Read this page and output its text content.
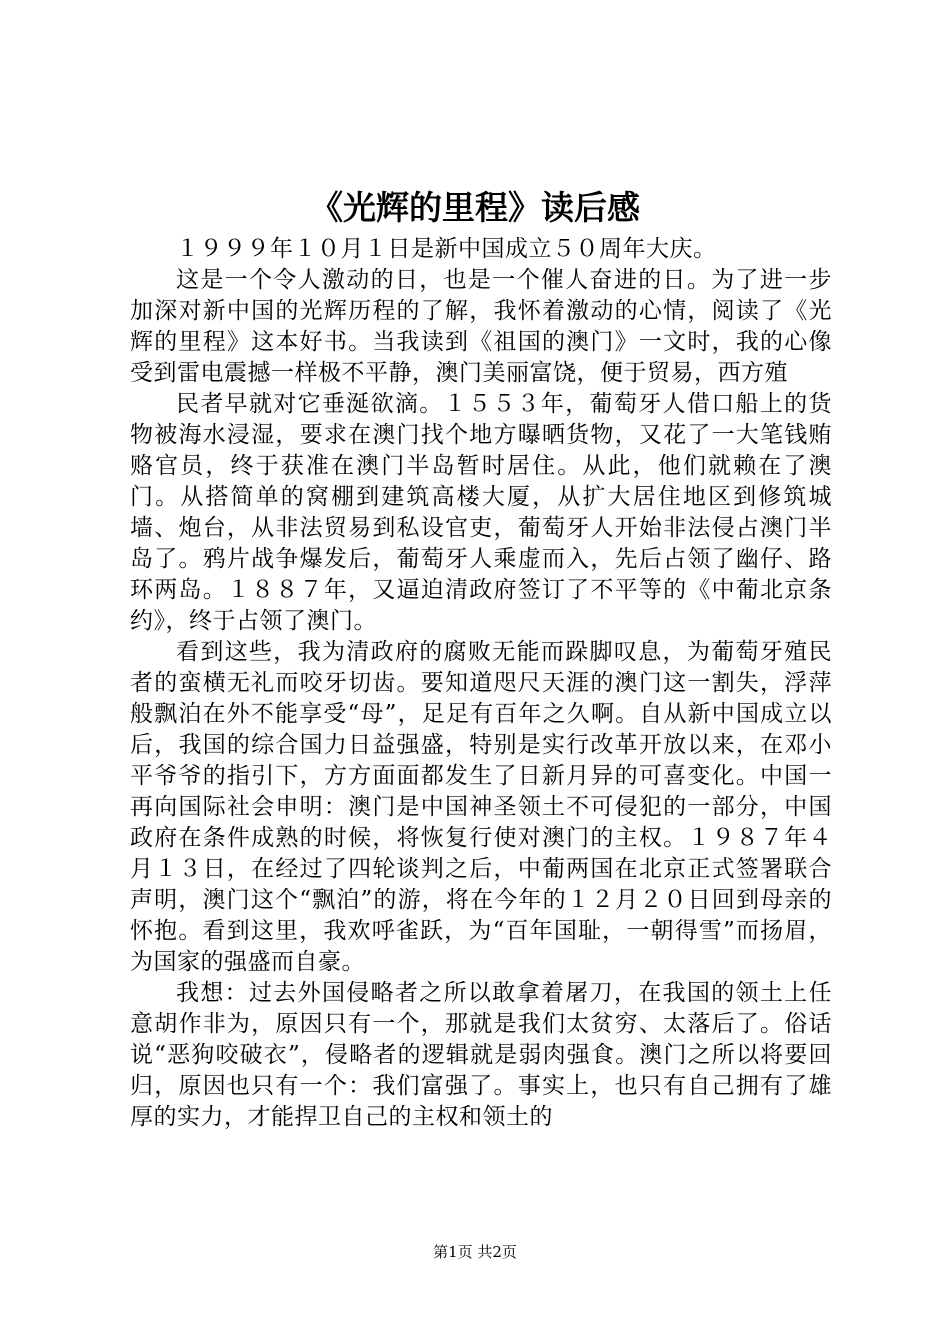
《光辉的里程》读后感

１９９９年１０月１日是新中国成立５０周年大庆。

这是一个令人激动的日，也是一个催人奋进的日。为了进一步加深对新中国的光辉历程的了解，我怀着激动的心情，阅读了《光辉的里程》这本好书。当我读到《祖国的澳门》一文时，我的心像受到雷电震撼一样极不平静，澳门美丽富饶，便于贸易，西方殖

民者早就对它垂涎欲滴。１５５３年，葡萄牙人借口船上的货物被海水浸湿，要求在澳门找个地方曝晒货物，又花了一大笔钱贿赂官员，终于获准在澳门半岛暂时居住。从此，他们就赖在了澳门。从搭简单的窝棚到建筑高楼大厦，从扩大居住地区到修筑城墙、炮台，从非法贸易到私设官吏，葡萄牙人开始非法侵占澳门半岛了。鸦片战争爆发后，葡萄牙人乘虚而入，先后占领了幽仔、路环两岛。１８８７年，又逼迫清政府签订了不平等的《中葡北京条约》，终于占领了澳门。

看到这些，我为清政府的腐败无能而跺脚叹息，为葡萄牙殖民者的蛮横无礼而咬牙切齿。要知道咫尺天涯的澳门这一割失，浮萍般飘泊在外不能享受“母”，足足有百年之久啊。自从新中国成立以后，我国的综合国力日益强盛，特别是实行改革开放以来，在邓小平爷爷的指引下，方方面面都发生了日新月异的可喜变化。中国一再向国际社会申明：澳门是中国神圣领土不可侵犯的一部分，中国政府在条件成熟的时候，将恢复行使对澳门的主权。１９８７年４月１３日，在经过了四轮谈判之后，中葡两国在北京正式签署联合声明，澳门这个“飘泊”的游，将在今年的１２月２０日回到母亲的怀抱。看到这里，我欢呼雀跃，为“百年国耻，一朝得雪”而扬眉，为国家的强盛而自豪。

我想：过去外国侵略者之所以敢拿着屠刀，在我国的领土上任意胡作非为，原因只有一个，那就是我们太贫穷、太落后了。俗话说“恶狗咬破衣”，侵略者的逻辑就是弱肉强食。澳门之所以将要回归，原因也只有一个：我们富强了。事实上，也只有自己拥有了雄厚的实力，才能捍卫自己的主权和领土的

第1页 共2页
